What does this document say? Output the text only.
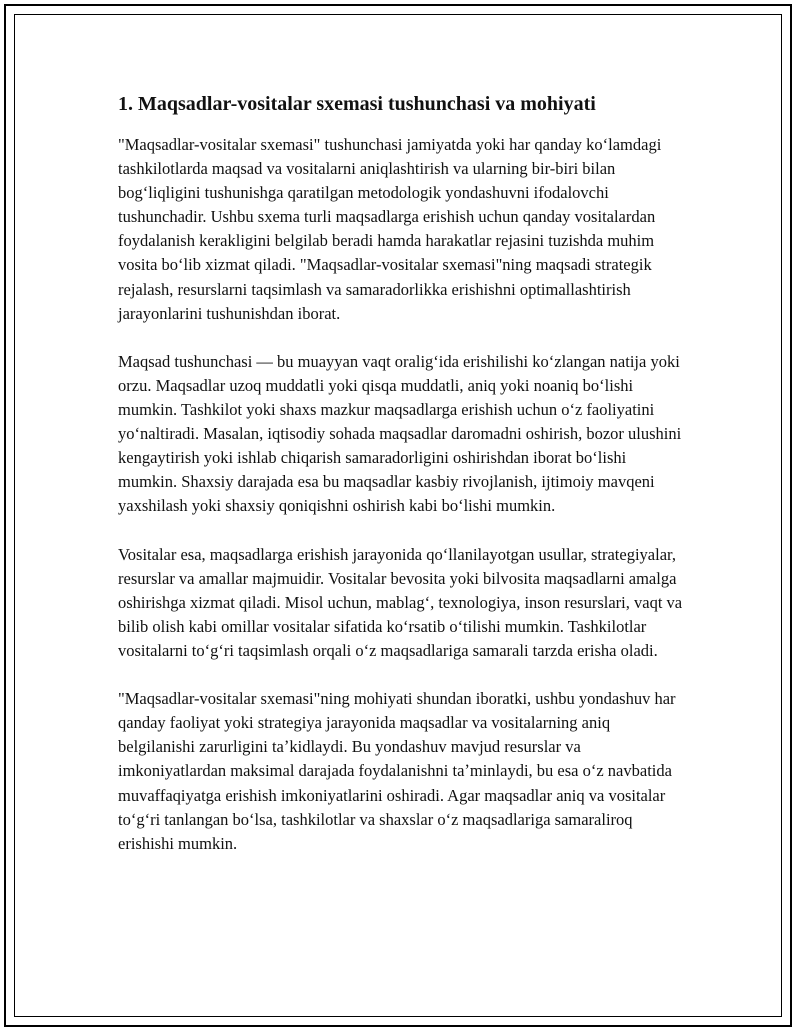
1. Maqsadlar-vositalar sxemasi tushunchasi va mohiyati

"Maqsadlar-vositalar sxemasi" tushunchasi jamiyatda yoki har qanday koʻlamdagi tashkilotlarda maqsad va vositalarni aniqlashtirish va ularning bir-biri bilan bogʻliqligini tushunishga qaratilgan metodologik yondashuvni ifodalovchi tushunchadir. Ushbu sxema turli maqsadlarga erishish uchun qanday vositalardan foydalanish kerakligini belgilab beradi hamda harakatlar rejasini tuzishda muhim vosita boʻlib xizmat qiladi. "Maqsadlar-vositalar sxemasi"ning maqsadi strategik rejalash, resurslarni taqsimlash va samaradorlikka erishishni optimallashtirish jarayonlarini tushunishdan iborat.

Maqsad tushunchasi — bu muayyan vaqt oraligʻida erishilishi koʻzlangan natija yoki orzu. Maqsadlar uzoq muddatli yoki qisqa muddatli, aniq yoki noaniq boʻlishi mumkin. Tashkilot yoki shaxs mazkur maqsadlarga erishish uchun oʻz faoliyatini yoʻnaltiradi. Masalan, iqtisodiy sohada maqsadlar daromadni oshirish, bozor ulushini kengaytirish yoki ishlab chiqarish samaradorligini oshirishdan iborat boʻlishi mumkin. Shaxsiy darajada esa bu maqsadlar kasbiy rivojlanish, ijtimoiy mavqeni yaxshilash yoki shaxsiy qoniqishni oshirish kabi boʻlishi mumkin.

Vositalar esa, maqsadlarga erishish jarayonida qoʻllanilayotgan usullar, strategiyalar, resurslar va amallar majmuidir. Vositalar bevosita yoki bilvosita maqsadlarni amalga oshirishga xizmat qiladi. Misol uchun, mablagʻ, texnologiya, inson resurslari, vaqt va bilib olish kabi omillar vositalar sifatida koʻrsatib oʻtilishi mumkin. Tashkilotlar vositalarni toʻgʻri taqsimlash orqali oʻz maqsadlariga samarali tarzda erisha oladi.

"Maqsadlar-vositalar sxemasi"ning mohiyati shundan iboratki, ushbu yondashuv har qanday faoliyat yoki strategiya jarayonida maqsadlar va vositalarning aniq belgilanishi zarurligini taʼkidlaydi. Bu yondashuv mavjud resurslar va imkoniyatlardan maksimal darajada foydalanishni taʼminlaydi, bu esa oʻz navbatida muvaffaqiyatga erishish imkoniyatlarini oshiradi. Agar maqsadlar aniq va vositalar toʻgʻri tanlangan boʻlsa, tashkilotlar va shaxslar oʻz maqsadlariga samaraliroq erishishi mumkin.
